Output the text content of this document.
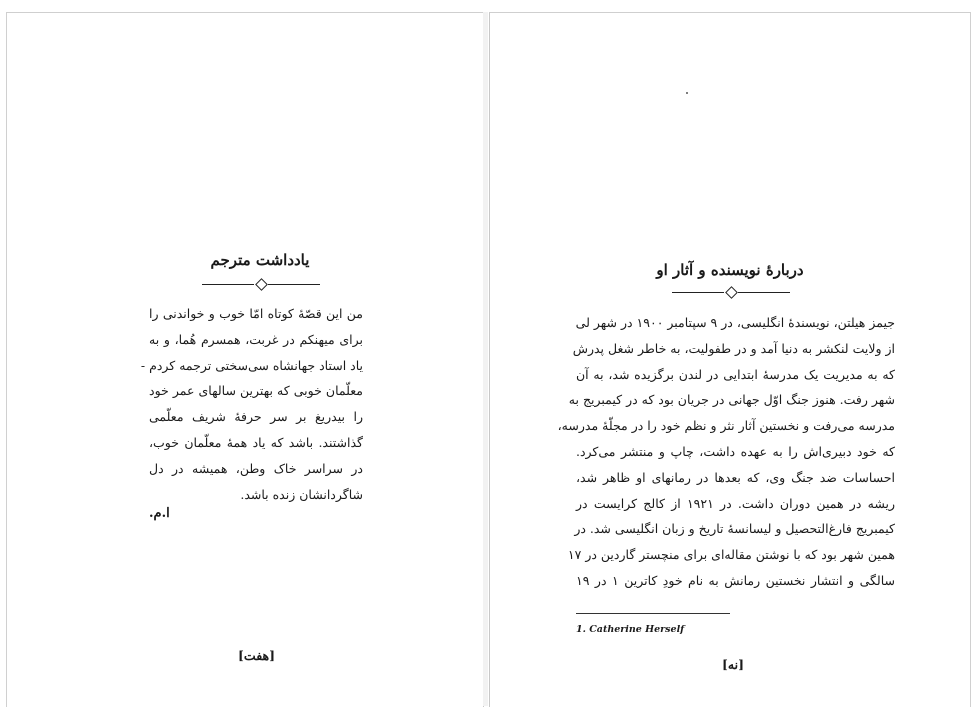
یادداشت مترجم
من این قصّهٔ کوتاه امّا خوب و خواندنی را
برای میهنکم در غربت، همسرم هُما، و به
یاد استاد جهانشاه سی‌سختی ترجمه کردم -
معلّمان خوبی که بهترین سالهای عمر خود
را بیدریغ بر سر حرفهٔ شریف معلّمی
گذاشتند. باشد که یاد همهٔ معلّمان خوب،
در سراسر خاک وطن، همیشه در دل
شاگردانشان زنده باشد.
ا.م.
[هفت]
دربارهٔ نویسنده و آثار او
جیمز هیلتن، نویسندهٔ انگلیسی، در ۹ سپتامبر ۱۹۰۰ در شهر لی
از ولایت لنکشر به دنیا آمد و در طفولیت، به خاطر شغل پدرش
که به مدیریت یک مدرسهٔ ابتدایی در لندن برگزیده شد، به آن
شهر رفت. هنوز جنگ اوّل جهانی در جریان بود که در کیمبریج به
مدرسه می‌رفت و نخستین آثار نثر و نظم خود را در مجلّهٔ مدرسه،
که خود دبیری‌اش را به عهده داشت، چاپ و منتشر می‌کرد.
احساسات ضد جنگ وی، که بعدها در رمانهای او ظاهر شد،
ریشه در همین دوران داشت. در ۱۹۲۱ از کالج کرایست در
کیمبریج فارغ‌التحصیل و لیسانسهٔ تاریخ و زبان انگلیسی شد. در
همین شهر بود که با نوشتن مقاله‌ای برای منچستر گاردین در ۱۷
سالگی و انتشار نخستین رمانش به نام خودِ کاترین ۱ در ۱۹
1. Catherine Herself
[نه]
